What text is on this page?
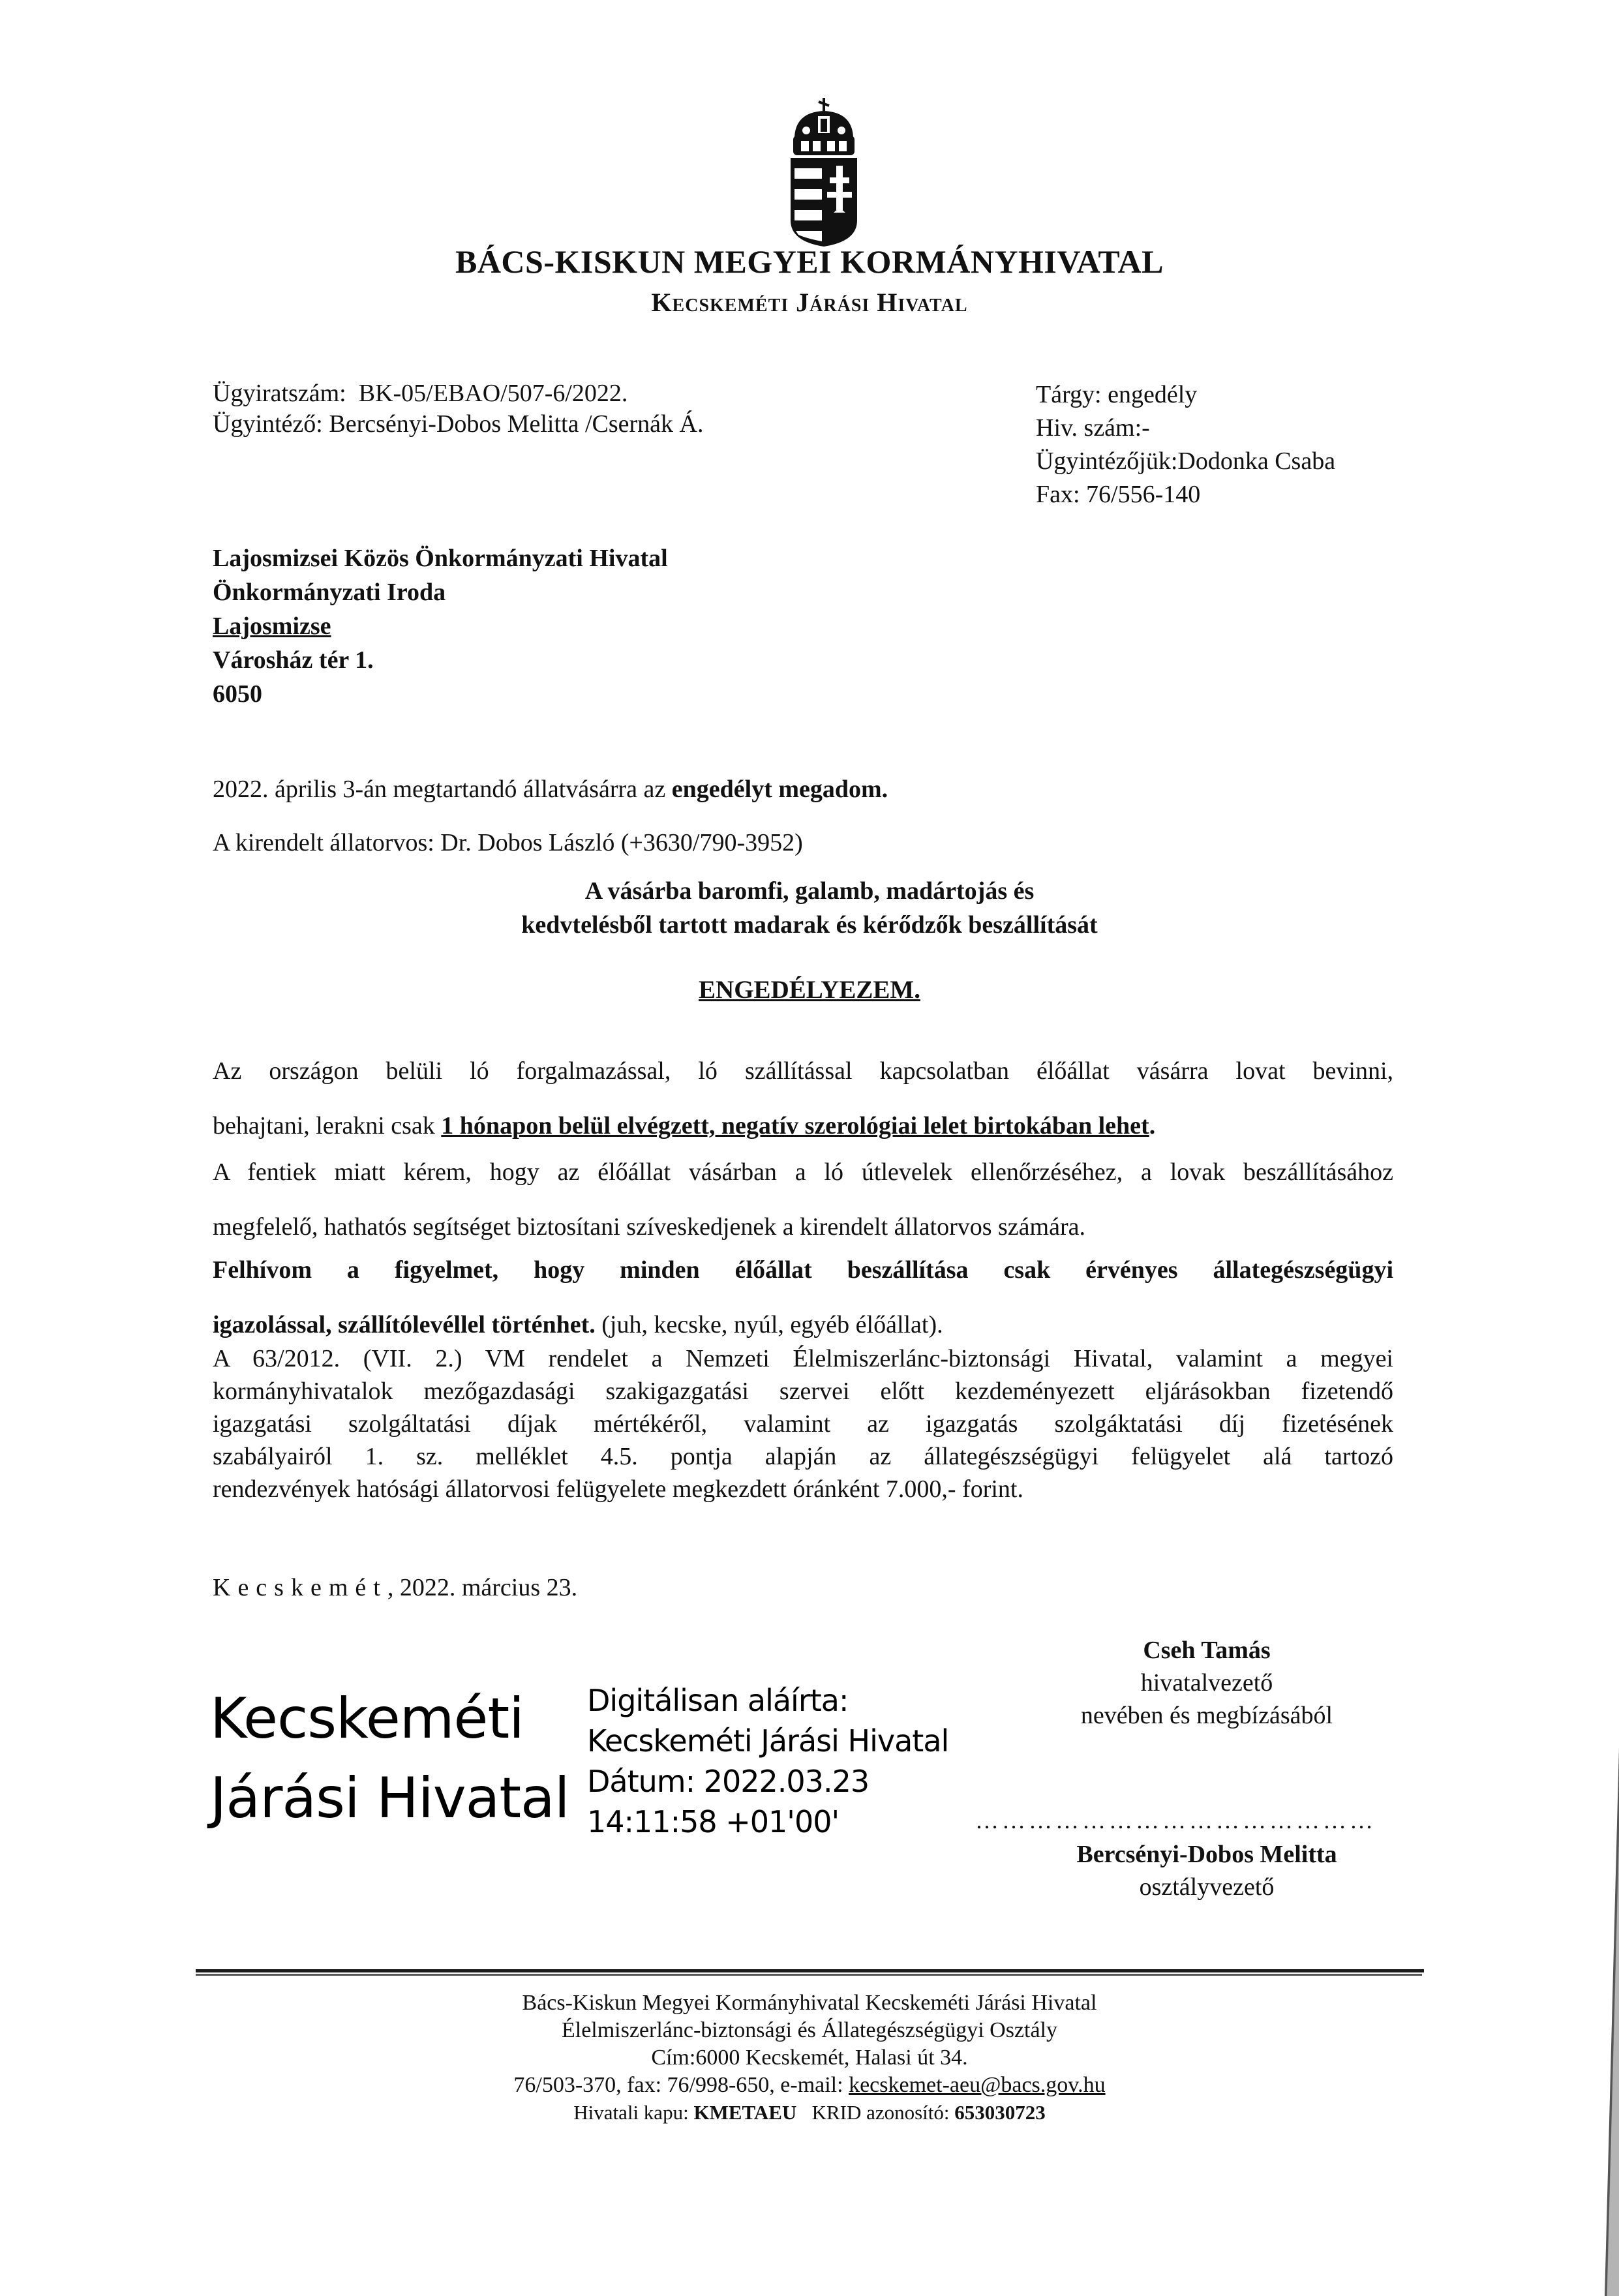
BÁCS-KISKUN MEGYEI KORMÁNYHIVATAL
Kecskeméti Járási Hivatal
Ügyiratszám: BK-05/EBAO/507-6/2022.
Ügyintéző: Bercsényi-Dobos Melitta /Csernák Á.
Tárgy: engedély
Hiv. szám:-
Ügyintézőjük:Dodonka Csaba
Fax: 76/556-140
Lajosmizsei Közös Önkormányzati Hivatal
Önkormányzati Iroda
Lajosmizse
Városház tér 1.
6050
2022. április 3-án megtartandó állatvásárra az engedélyt megadom.
A kirendelt állatorvos: Dr. Dobos László (+3630/790-3952)
A vásárba baromfi, galamb, madártojás és
kedvtelésből tartott madarak és kérődzők beszállítását
ENGEDÉLYEZEM.
Az országon belüli ló forgalmazással, ló szállítással kapcsolatban élőállat vásárra lovat bevinni,
behajtani, lerakni csak 1 hónapon belül elvégzett, negatív szerológiai lelet birtokában lehet.
A fentiek miatt kérem, hogy az élőállat vásárban a ló útlevelek ellenőrzéséhez, a lovak beszállításához
megfelelő, hathatós segítséget biztosítani szíveskedjenek a kirendelt állatorvos számára.
Felhívom a figyelmet, hogy minden élőállat beszállítása csak érvényes állategészségügyi
igazolással, szállítólevéllel történhet. (juh, kecske, nyúl, egyéb élőállat).
A 63/2012. (VII. 2.) VM rendelet a Nemzeti Élelmiszerlánc-biztonsági Hivatal, valamint a megyei
kormányhivatalok mezőgazdasági szakigazgatási szervei előtt kezdeményezett eljárásokban fizetendő
igazgatási szolgáltatási díjak mértékéről, valamint az igazgatás szolgáktatási díj fizetésének
szabályairól 1. sz. melléklet 4.5. pontja alapján az állategészségügyi felügyelet alá tartozó
rendezvények hatósági állatorvosi felügyelete megkezdett óránként 7.000,- forint.
Kecskemét, 2022. március 23.
Kecskeméti
Járási Hivatal
Digitálisan aláírta:
Kecskeméti Járási Hivatal
Dátum: 2022.03.23
14:11:58 +01'00'
Cseh Tamás
hivatalvezető
nevében és megbízásából
………………………………………
Bercsényi-Dobos Melitta
osztályvezető
Bács-Kiskun Megyei Kormányhivatal Kecskeméti Járási Hivatal
Élelmiszerlánc-biztonsági és Állategészségügyi Osztály
Cím:6000 Kecskemét, Halasi út 34.
76/503-370, fax: 76/998-650, e-mail: kecskemet-aeu@bacs.gov.hu
Hivatali kapu: KMETAEU KRID azonosító: 653030723
